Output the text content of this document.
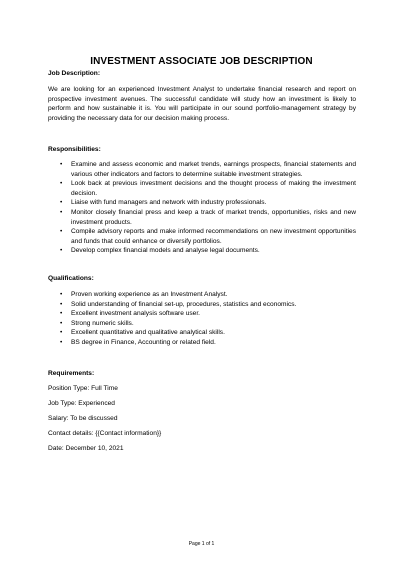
INVESTMENT ASSOCIATE JOB DESCRIPTION
Job Description:
We are looking for an experienced Investment Analyst to undertake financial research and report on prospective investment avenues. The successful candidate will study how an investment is likely to perform and how sustainable it is. You will participate in our sound portfolio-management strategy by providing the necessary data for our decision making process.
Responsibilities:
• Examine and assess economic and market trends, earnings prospects, financial statements and various other indicators and factors to determine suitable investment strategies.
• Look back at previous investment decisions and the thought process of making the investment decision.
• Liaise with fund managers and network with industry professionals.
• Monitor closely financial press and keep a track of market trends, opportunities, risks and new investment products.
• Compile advisory reports and make informed recommendations on new investment opportunities and funds that could enhance or diversify portfolios.
• Develop complex financial models and analyse legal documents.
Qualifications:
• Proven working experience as an Investment Analyst.
• Solid understanding of financial set-up, procedures, statistics and economics.
• Excellent investment analysis software user.
• Strong numeric skills.
• Excellent quantitative and qualitative analytical skills.
• BS degree in Finance, Accounting or related field.
Requirements:
Position Type: Full Time
Job Type: Experienced
Salary: To be discussed
Contact details: {{Contact information}}
Date: December 10, 2021
Page 1 of 1
